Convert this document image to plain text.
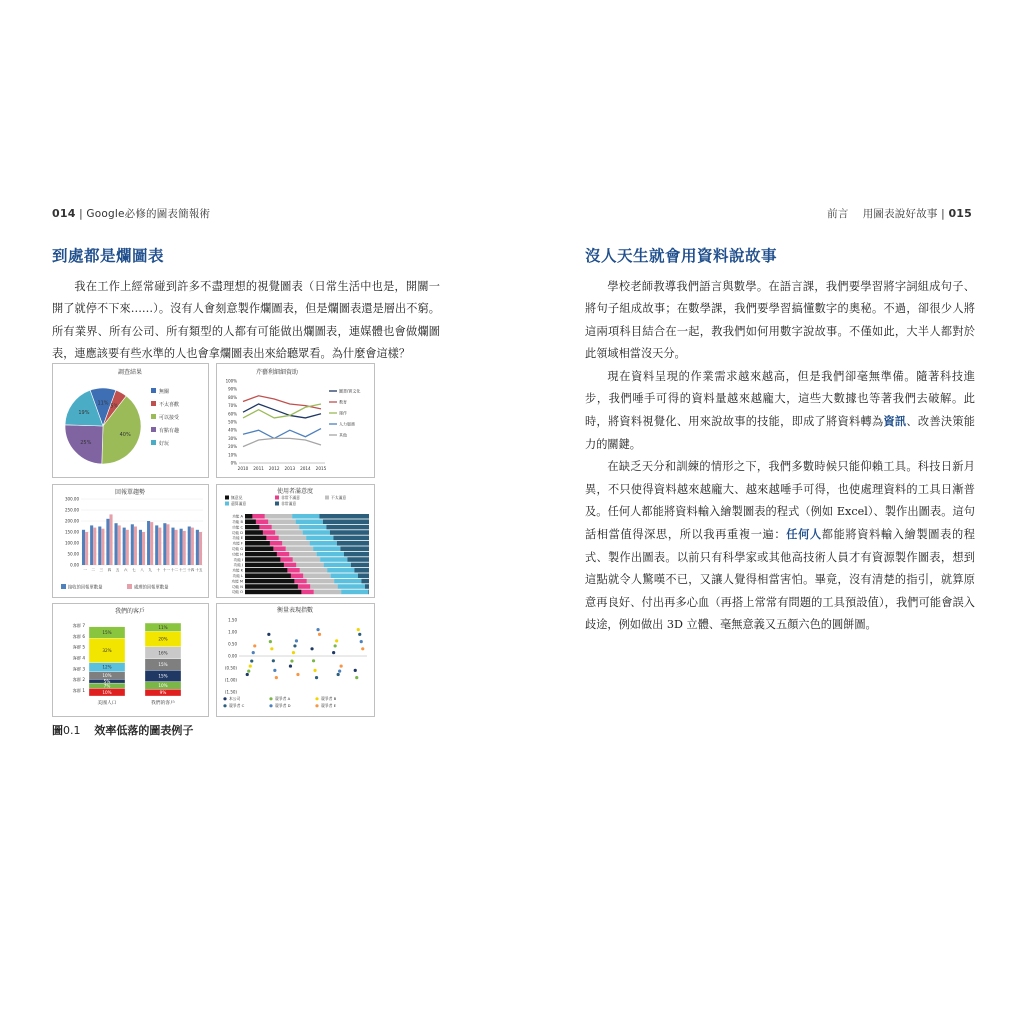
014 | Google必修的圖表簡報術	前言 用圖表說好故事 | 015
到處都是爛圖表

我在工作上經常碰到許多不盡理想的視覺圖表（日常生活中也是，開關一開了就停不下來……）。沒有人會刻意製作爛圖表，但是爛圖表還是層出不窮。所有業界、所有公司、所有類型的人都有可能做出爛圖表，連媒體也會做爛圖表，連應該要有些水準的人也會拿爛圖表出來給聽眾看。為什麼會這樣？

調查結果
11% 5%
40%
25%
19%
無關
不太喜歡
可以接受
有點有趣
好玩
芹藝利細細資助
0%
10%
20%
30%
40%
50%
60%
70%
80%
90%
100%
2010 2011 2012 2013 2014 2015
圖書/實文化
教育
運作
人力服務
其他
回報單趨勢
0.00
50.00
100.00
150.00
200.00
250.00
300.00
一 二 三 四 五 六 七 八 九 十 十一 十二 十三 十四 十五
接收的回報單數量	處理的回報單數量
使用者滿意度
無意見	非常不滿意	不太滿意
還算滿意	非常滿意
功能 A
功能 B
功能 C
功能 D
功能 E
功能 F
功能 G
功能 H
功能 I
功能 J
功能 K
功能 L
功能 M
功能 N
功能 O
我們的客戶
客群 1
客群 2
客群 3
客群 4
客群 5
客群 6
客群 7
10%
7%
5%
10%
12%
32%
15%
美國人口
9%
10%
15%
15%
16%
20%
11%
我們的客戶
衡量表現指數
1.50
1.00
0.50
0.00
(0.50)
(1.00)
(1.50)
本公司	競爭者 A	競爭者 B
競爭者 C	競爭者 D	競爭者 E
圖0.1 效率低落的圖表例子
沒人天生就會用資料說故事

學校老師教導我們語言與數學。在語言課，我們要學習將字詞組成句子、將句子組成故事；在數學課，我們要學習搞懂數字的奧秘。不過，卻很少人將這兩項科目結合在一起，教我們如何用數字說故事。不僅如此，大半人都對於此領域相當沒天分。

現在資料呈現的作業需求越來越高，但是我們卻毫無準備。隨著科技進步，我們唾手可得的資料量越來越龐大，這些大數據也等著我們去破解。此時，將資料視覺化、用來說故事的技能，即成了將資料轉為資訊、改善決策能力的關鍵。

在缺乏天分和訓練的情形之下，我們多數時候只能仰賴工具。科技日新月異，不只使得資料越來越龐大、越來越唾手可得，也使處理資料的工具日漸普及。任何人都能將資料輸入繪製圖表的程式（例如 Excel）、製作出圖表。這句話相當值得深思，所以我再重複一遍：任何人都能將資料輸入繪製圖表的程式、製作出圖表。以前只有科學家或其他高技術人員才有資源製作圖表，想到這點就令人驚嘆不已，又讓人覺得相當害怕。畢竟，沒有清楚的指引，就算原意再良好、付出再多心血（再搭上常常有問題的工具預設值），我們可能會誤入歧途，例如做出 3D 立體、毫無意義又五顏六色的圓餅圖。
